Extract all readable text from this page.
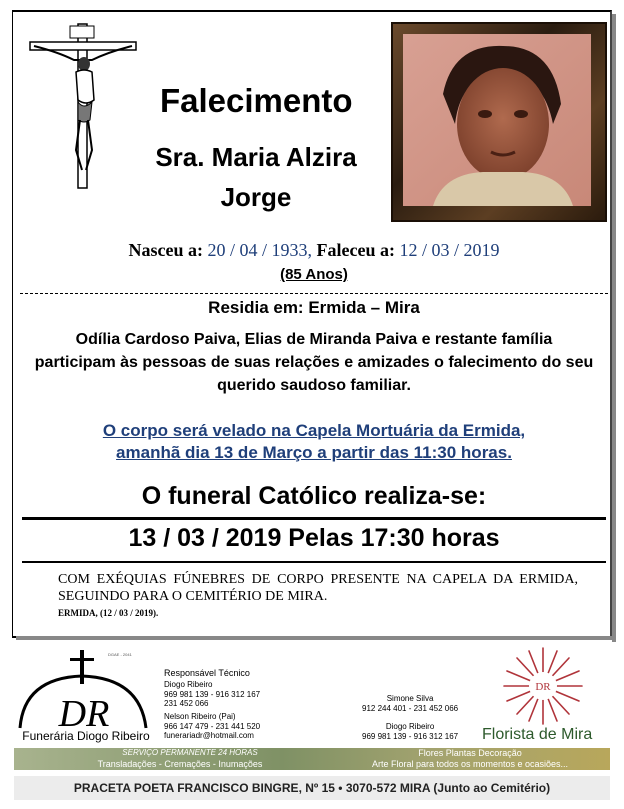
Falecimento
Sra. Maria Alzira
Jorge
Nasceu a: 20 / 04 / 1933, Faleceu a: 12 / 03 / 2019
(85 Anos)
Residia em: Ermida – Mira
Odília Cardoso Paiva, Elias de Miranda Paiva e restante família participam às pessoas de suas relações e amizades o falecimento do seu querido saudoso familiar.
O corpo será velado na Capela Mortuária da Ermida,
amanhã dia 13 de Março a partir das 11:30 horas.
O funeral Católico realiza-se:
13 / 03 / 2019 Pelas 17:30 horas
COM EXÉQUIAS FÚNEBRES DE CORPO PRESENTE NA CAPELA DA ERMIDA, SEGUINDO PARA O CEMITÉRIO DE MIRA.
ERMIDA, (12 / 03 / 2019).
DR
DGAE - 2041
Funerária Diogo Ribeiro
Responsável Técnico
Diogo Ribeiro
969 981 139 - 916 312 167
231 452 066
Nelson Ribeiro (Pai)
966 147 479 - 231 441 520
funerariadr@hotmail.com
Simone Silva
912 244 401 - 231 452 066
Diogo Ribeiro
969 981 139 - 916 312 167
DR
Florista de Mira
SERVIÇO PERMANENTE 24 HORAS
Transladações - Cremações - Inumações
Flores Plantas Decoração
Arte Floral para todos os momentos e ocasiões...
PRACETA POETA FRANCISCO BINGRE, Nº 15 • 3070-572 MIRA (Junto ao Cemitério)
